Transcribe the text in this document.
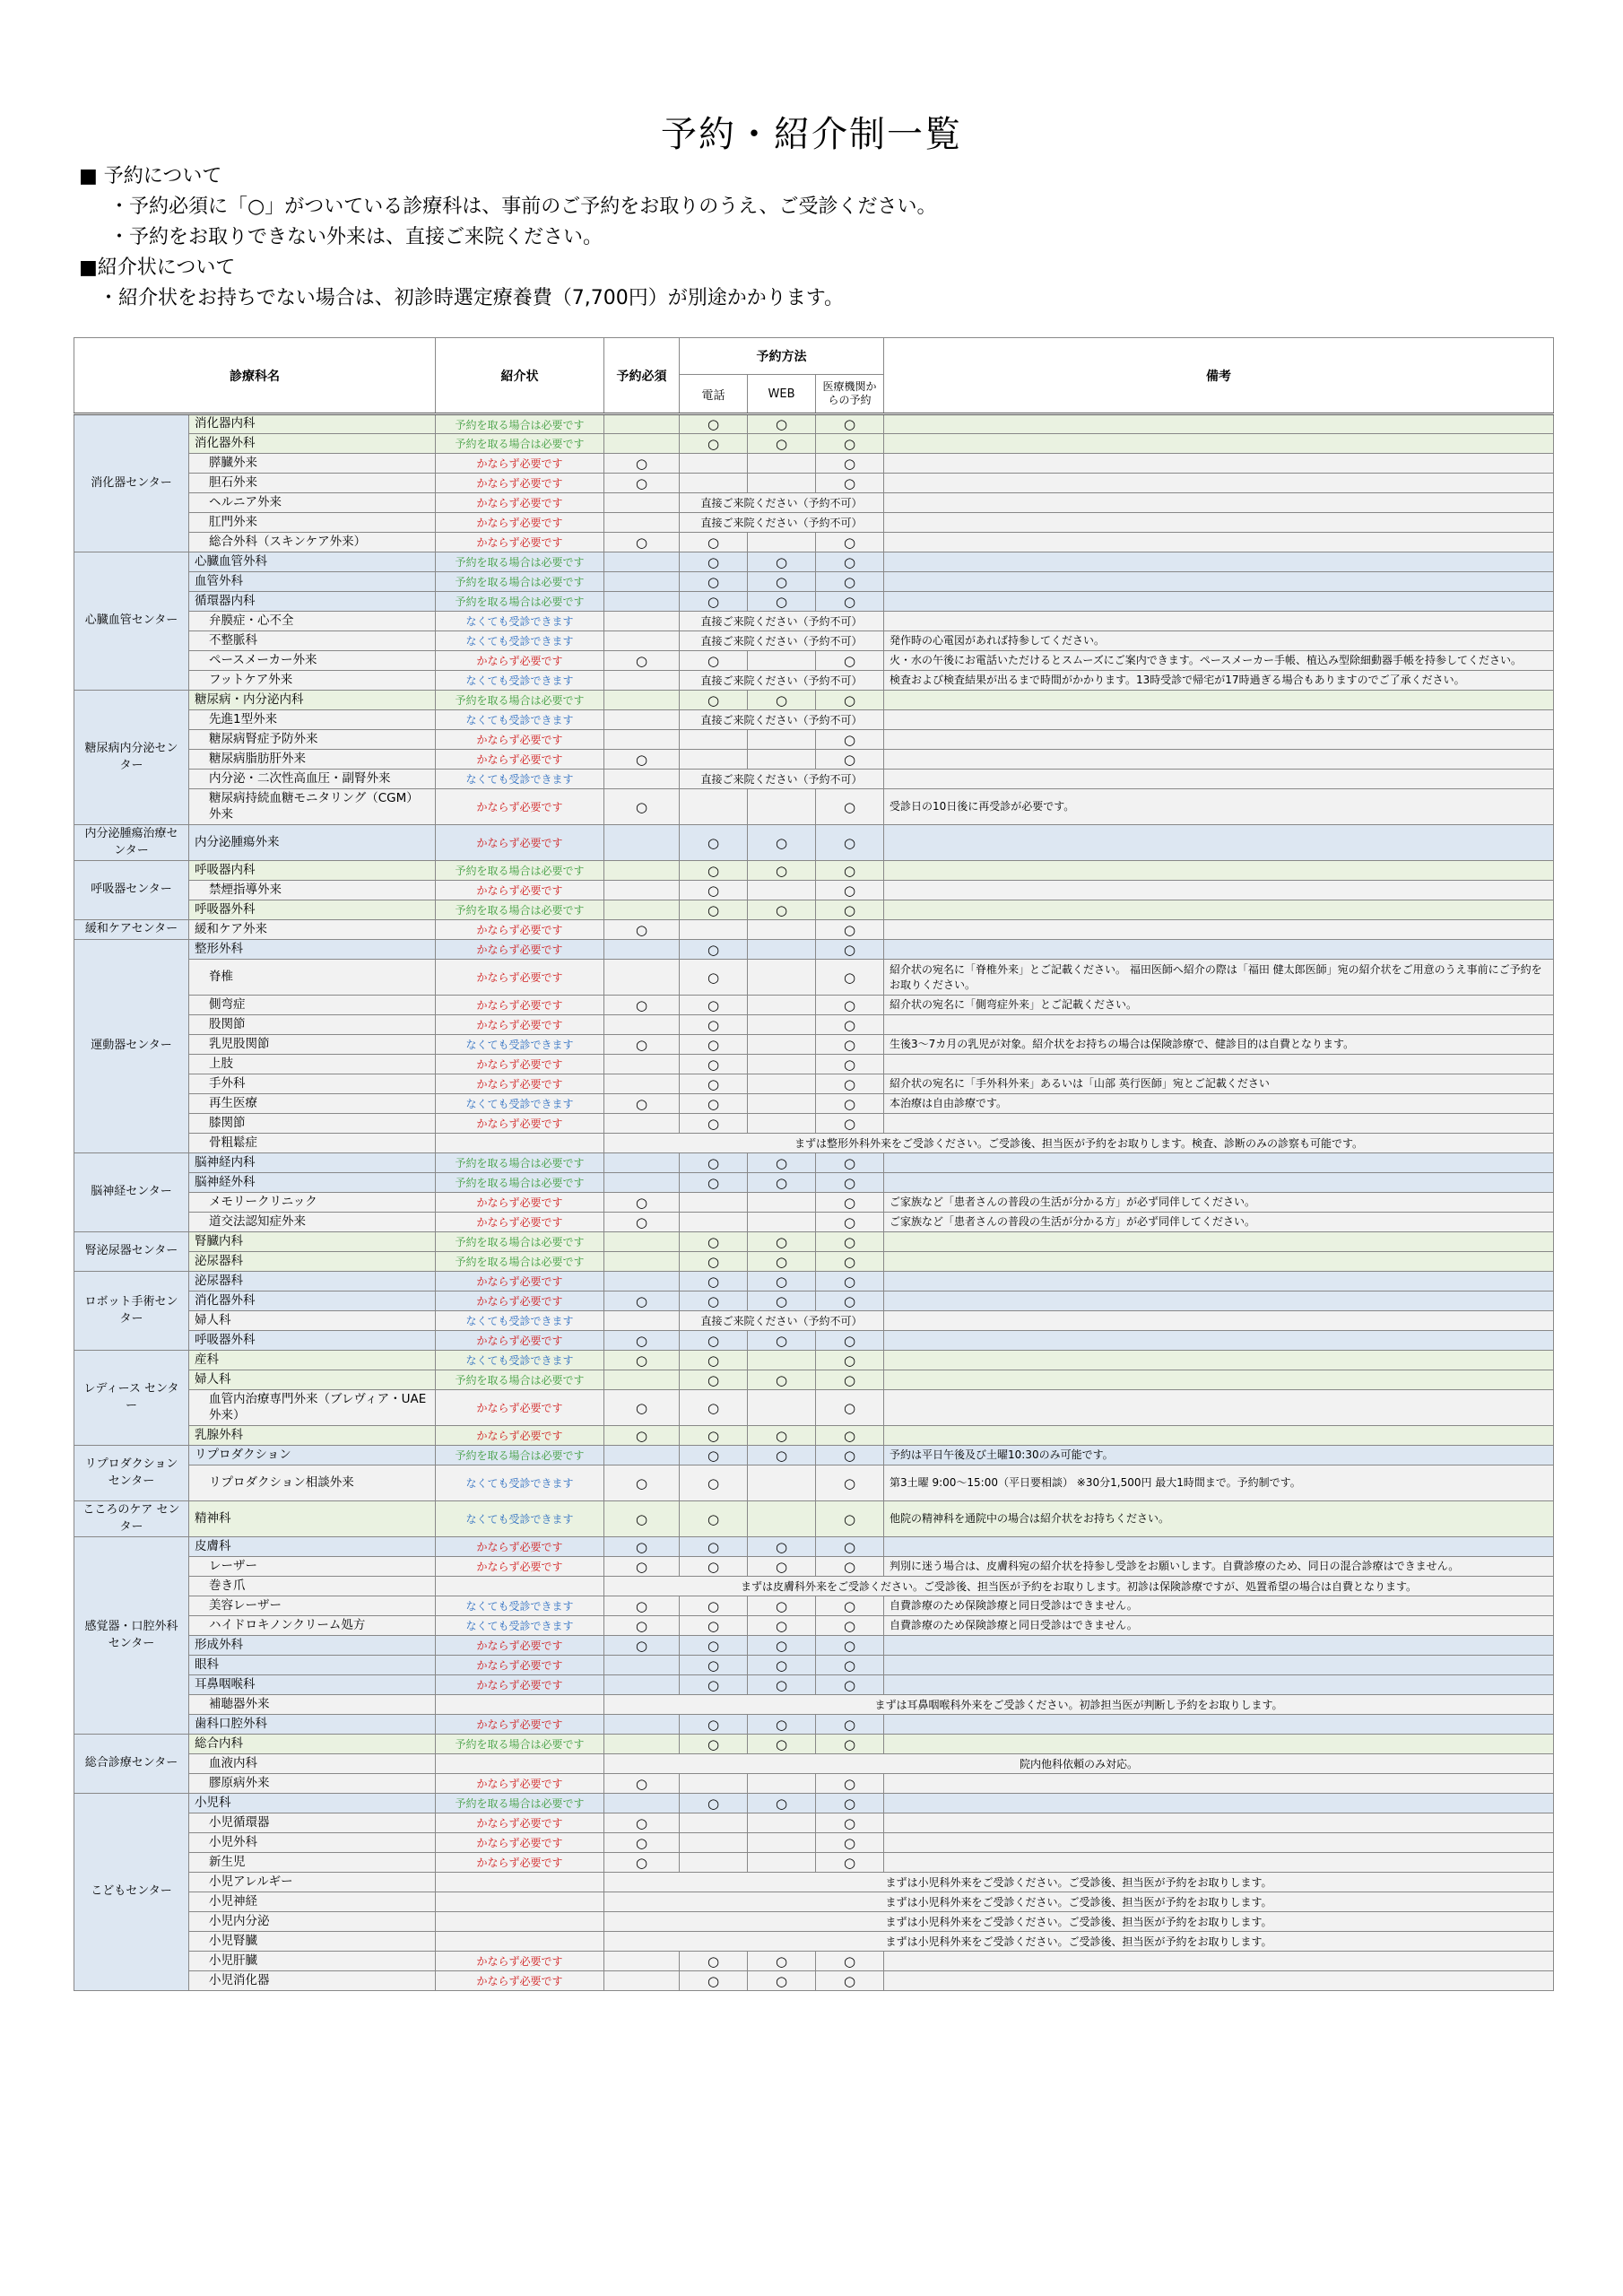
予約・紹介制一覧
■ 予約について
・予約必須に「○」がついている診療科は、事前のご予約をお取りのうえ、ご受診ください。
・予約をお取りできない外来は、直接ご来院ください。
■紹介状について
・紹介状をお持ちでない場合は、初診時選定療養費（7,700円）が別途かかります。
診療科名		紹介状	予約必須	予約方法			備考
				電話	WEB	医療機関からの予約	
消化器センター	消化器内科	予約を取る場合は必要です		○	○	○	
	消化器外科	予約を取る場合は必要です		○	○	○	
	膵臓外来	かならず必要です	○			○	
	胆石外来	かならず必要です	○			○	
	ヘルニア外来	かならず必要です		直接ご来院ください（予約不可）			
	肛門外来	かならず必要です		直接ご来院ください（予約不可）			
	総合外科（スキンケア外来）	かならず必要です	○	○		○	
心臓血管センター	心臓血管外科	予約を取る場合は必要です		○	○	○	
	血管外科	予約を取る場合は必要です		○	○	○	
	循環器内科	予約を取る場合は必要です		○	○	○	
	弁膜症・心不全	なくても受診できます		直接ご来院ください（予約不可）			
	不整脈科	なくても受診できます		直接ご来院ください（予約不可）			発作時の心電図があれば持参してください。
	ペースメーカー外来	かならず必要です	○	○		○	火・水の午後にお電話いただけるとスムーズにご案内できます。ペースメーカー手帳、植込み型除細動器手帳を持参してください。
	フットケア外来	なくても受診できます		直接ご来院ください（予約不可）			検査および検査結果が出るまで時間がかかります。13時受診で帰宅が17時過ぎる場合もありますのでご了承ください。
糖尿病内分泌センター	糖尿病・内分泌内科	予約を取る場合は必要です		○	○	○	
	先進1型外来	なくても受診できます		直接ご来院ください（予約不可）			
	糖尿病腎症予防外来	かならず必要です				○	
	糖尿病脂肪肝外来	かならず必要です	○			○	
	内分泌・二次性高血圧・副腎外来	なくても受診できます		直接ご来院ください（予約不可）			
	糖尿病持続血糖モニタリング（CGM）外来	かならず必要です	○			○	受診日の10日後に再受診が必要です。
内分泌腫瘍治療センター	内分泌腫瘍外来	かならず必要です		○	○	○	
呼吸器センター	呼吸器内科	予約を取る場合は必要です		○	○	○	
	禁煙指導外来	かならず必要です		○		○	
	呼吸器外科	予約を取る場合は必要です		○	○	○	
緩和ケアセンター	緩和ケア外来	かならず必要です	○			○	
運動器センター	整形外科	かならず必要です		○		○	
	脊椎	かならず必要です		○		○	紹介状の宛名に「脊椎外来」とご記載ください。 福田医師へ紹介の際は「福田 健太郎医師」宛の紹介状をご用意のうえ事前にご予約をお取りください。
	側弯症	かならず必要です	○	○		○	紹介状の宛名に「側弯症外来」とご記載ください。
	股関節	かならず必要です		○		○	
	乳児股関節	なくても受診できます	○	○		○	生後3〜7カ月の乳児が対象。紹介状をお持ちの場合は保険診療で、健診目的は自費となります。
	上肢	かならず必要です		○		○	
	手外科	かならず必要です		○		○	紹介状の宛名に「手外科外来」あるいは「山部 英行医師」宛とご記載ください
	再生医療	なくても受診できます	○	○		○	本治療は自由診療です。
	膝関節	かならず必要です		○		○	
	骨粗鬆症		まずは整形外科外来をご受診ください。ご受診後、担当医が予約をお取りします。検査、診断のみの診察も可能です。				
脳神経センター	脳神経内科	予約を取る場合は必要です		○	○	○	
	脳神経外科	予約を取る場合は必要です		○	○	○	
	メモリークリニック	かならず必要です	○			○	ご家族など「患者さんの普段の生活が分かる方」が必ず同伴してください。
	道交法認知症外来	かならず必要です	○			○	ご家族など「患者さんの普段の生活が分かる方」が必ず同伴してください。
腎泌尿器センター	腎臓内科	予約を取る場合は必要です		○	○	○	
	泌尿器科	予約を取る場合は必要です		○	○	○	
ロボット手術センター	泌尿器科	かならず必要です		○	○	○	
	消化器外科	かならず必要です	○	○	○	○	
	婦人科	なくても受診できます		直接ご来院ください（予約不可）			
	呼吸器外科	かならず必要です	○	○	○	○	
レディース センター	産科	なくても受診できます	○	○		○	
	婦人科	予約を取る場合は必要です		○	○	○	
	血管内治療専門外来（ブレヴィア・UAE外来）	かならず必要です	○	○		○	
	乳腺外科	かならず必要です	○	○	○	○	
リプロダクション センター	リプロダクション	予約を取る場合は必要です		○	○	○	予約は平日午後及び土曜10:30のみ可能です。
	リプロダクション相談外来	なくても受診できます	○	○		○	第3土曜 9:00〜15:00（平日要相談） ※30分1,500円 最大1時間まで。予約制です。
こころのケア センター	精神科	なくても受診できます	○	○		○	他院の精神科を通院中の場合は紹介状をお持ちください。
感覚器・口腔外科 センター	皮膚科	かならず必要です	○	○	○	○	
	レーザー	かならず必要です	○	○	○	○	判別に迷う場合は、皮膚科宛の紹介状を持参し受診をお願いします。自費診療のため、同日の混合診療はできません。
	巻き爪		まずは皮膚科外来をご受診ください。ご受診後、担当医が予約をお取りします。初診は保険診療ですが、処置希望の場合は自費となります。				
	美容レーザー	なくても受診できます	○	○	○	○	自費診療のため保険診療と同日受診はできません。
	ハイドロキノンクリーム処方	なくても受診できます	○	○	○	○	自費診療のため保険診療と同日受診はできません。
	形成外科	かならず必要です	○	○	○	○	
	眼科	かならず必要です		○	○	○	
	耳鼻咽喉科	かならず必要です		○	○	○	
	補聴器外来		まずは耳鼻咽喉科外来をご受診ください。初診担当医が判断し予約をお取りします。				
	歯科口腔外科	かならず必要です		○	○	○	
総合診療センター	総合内科	予約を取る場合は必要です		○	○	○	
	血液内科		院内他科依頼のみ対応。				
	膠原病外来	かならず必要です	○			○	
こどもセンター	小児科	予約を取る場合は必要です		○	○	○	
	小児循環器	かならず必要です	○			○	
	小児外科	かならず必要です	○			○	
	新生児	かならず必要です	○			○	
	小児アレルギー		まずは小児科外来をご受診ください。ご受診後、担当医が予約をお取りします。				
	小児神経		まずは小児科外来をご受診ください。ご受診後、担当医が予約をお取りします。				
	小児内分泌		まずは小児科外来をご受診ください。ご受診後、担当医が予約をお取りします。				
	小児腎臓		まずは小児科外来をご受診ください。ご受診後、担当医が予約をお取りします。				
	小児肝臓	かならず必要です		○	○	○	
	小児消化器	かならず必要です		○	○	○	
